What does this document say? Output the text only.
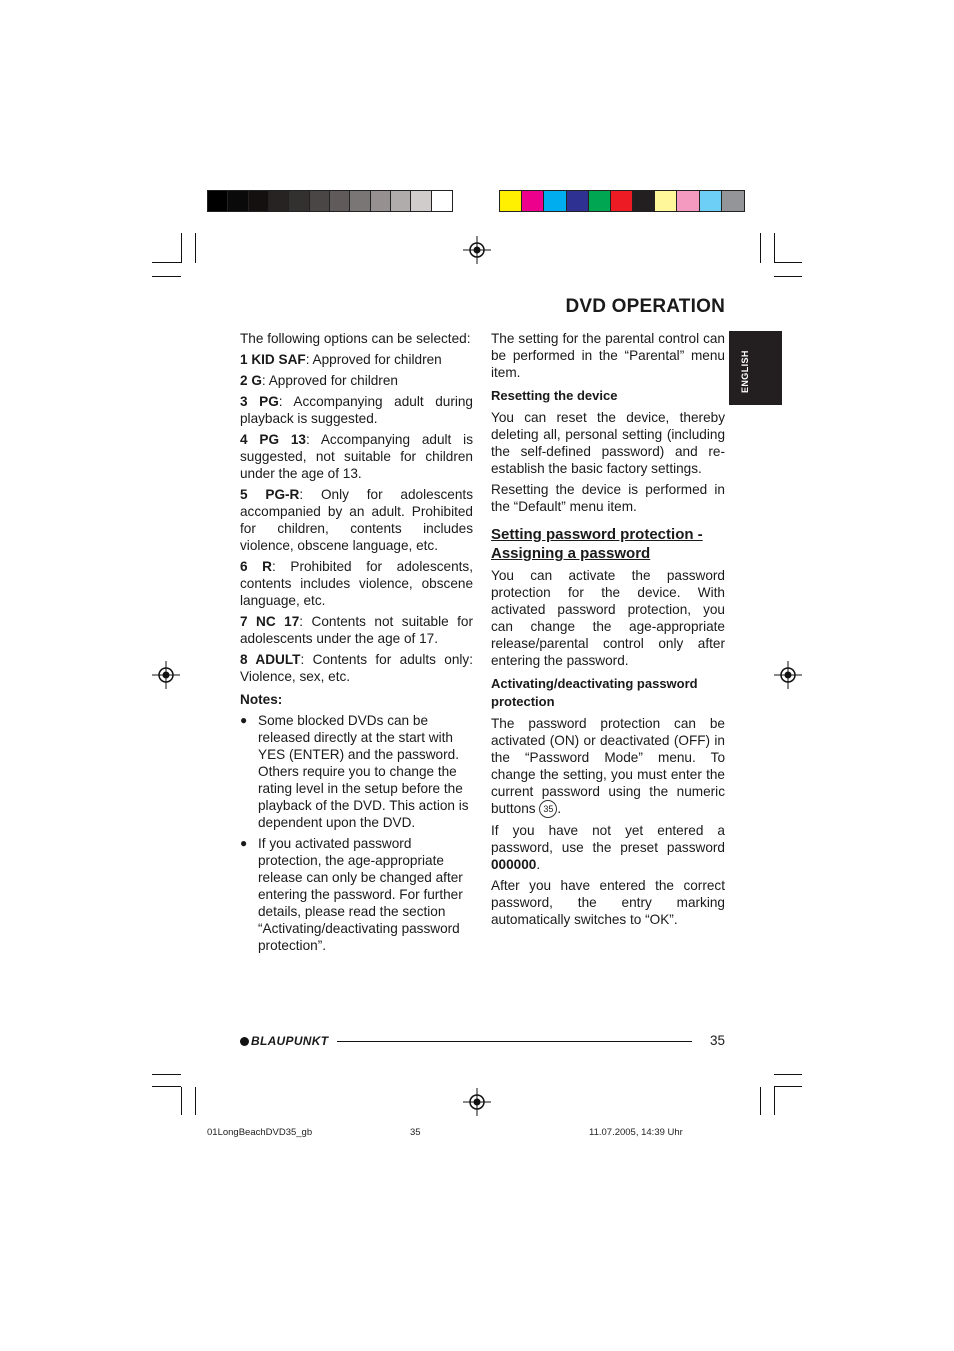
DVD OPERATION
ENGLISH

The following options can be selected:

1 KID SAF: Approved for children

2 G: Approved for children

3 PG: Accompanying adult during playback is suggested.

4 PG 13: Accompanying adult is suggested, not suitable for children under the age of 13.

5 PG-R: Only for adolescents accompanied by an adult. Prohibited for children, contents includes violence, obscene language, etc.

6 R: Prohibited for adolescents, contents includes violence, obscene language, etc.

7 NC 17: Contents not suitable for adolescents under the age of 17.

8 ADULT: Contents for adults only: Violence, sex, etc.

Notes:

● Some blocked DVDs can be released directly at the start with YES (ENTER) and the password. Others require you to change the rating level in the setup before the playback of the DVD. This action is dependent upon the DVD.
● If you activated password protection, the age-appropriate release can only be changed after entering the password. For further details, please read the section “Activating/deactivating password protection”.

The setting for the parental control can be performed in the “Parental” menu item.

Resetting the device

You can reset the device, thereby deleting all, personal setting (including the self-defined password) and re-establish the basic factory settings.

Resetting the device is performed in the “Default” menu item.

Setting password protection -
Assigning a password

You can activate the password protection for the device. With activated password protection, you can change the age-appropriate release/parental control only after entering the password.

Activating/deactivating password
protection

The password protection can be activated (ON) or deactivated (OFF) in the “Password Mode” menu. To change the setting, you must enter the current password using the numeric buttons 35 .

If you have not yet entered a password, use the preset password 000000.

After you have entered the correct password, the entry marking automatically switches to “OK”.

BLAUPUNKT	35
01LongBeachDVD35_gb	35	11.07.2005, 14:39 Uhr
